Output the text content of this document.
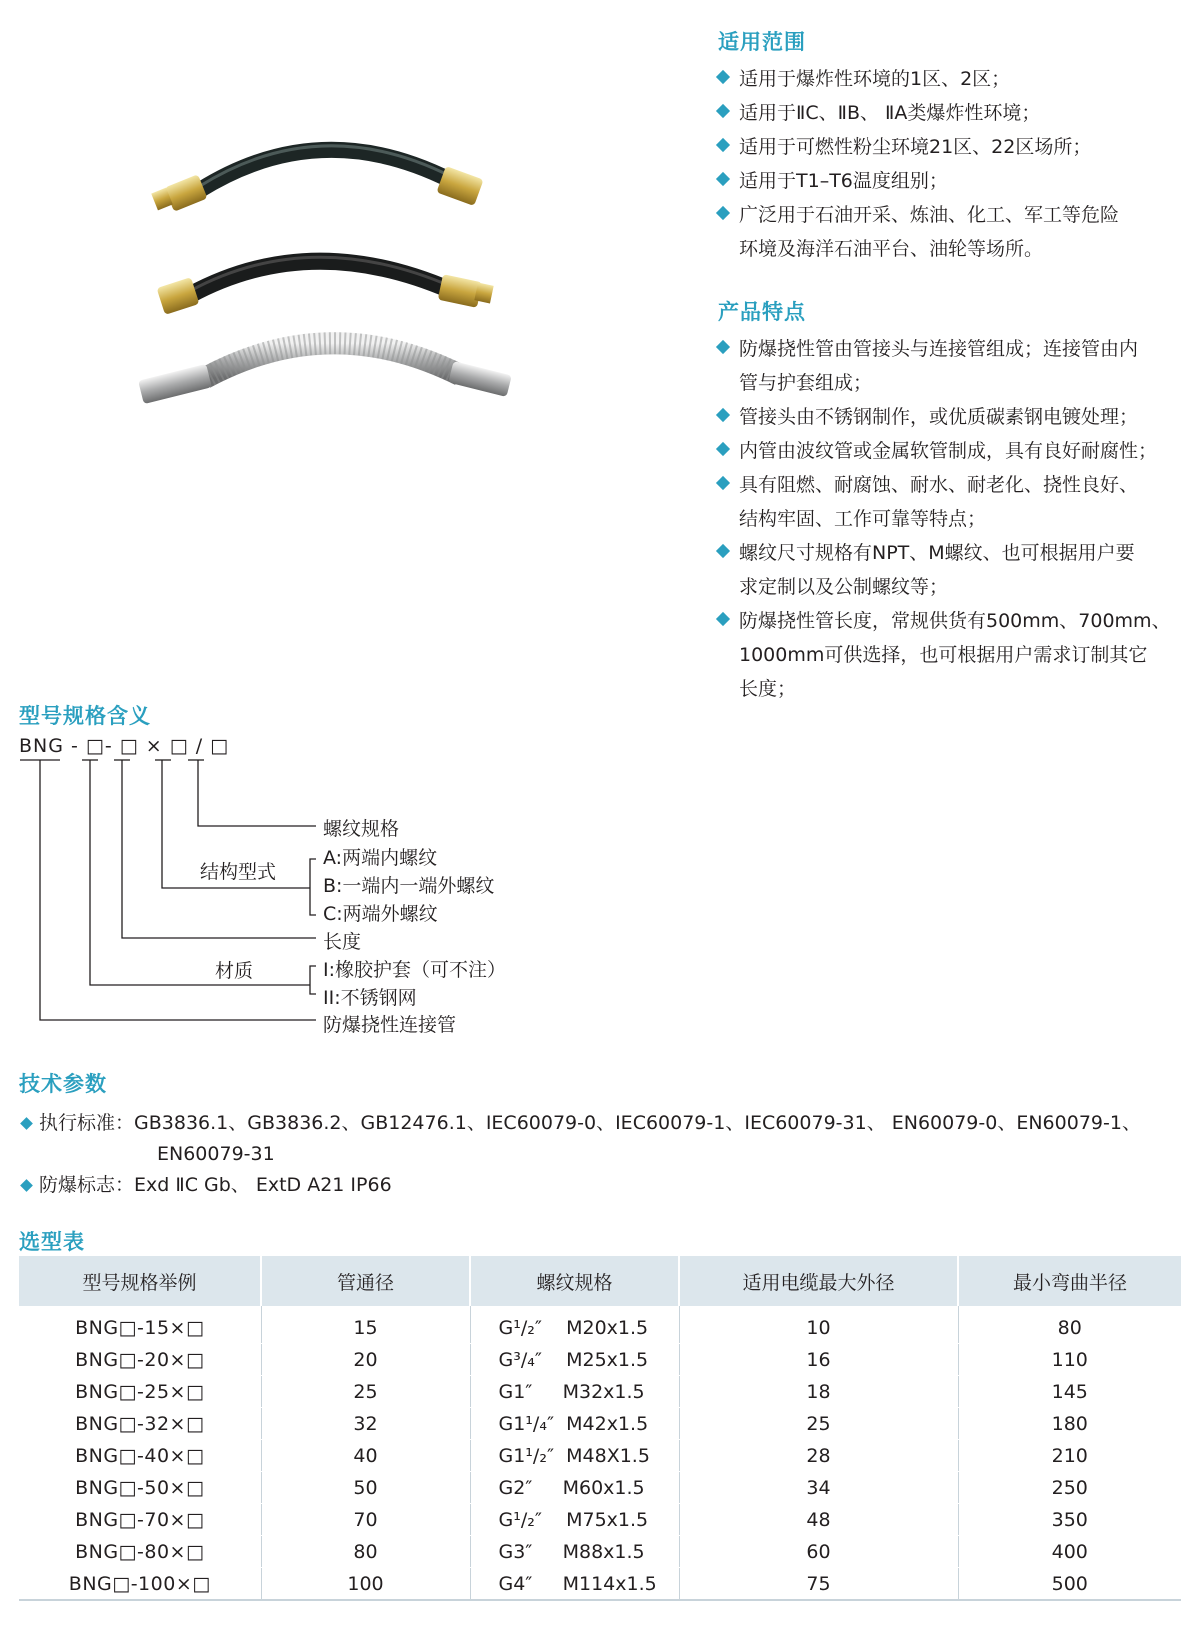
适用范围
适用于爆炸性环境的1区、2区；
适用于ⅡC、ⅡB、 ⅡA类爆炸性环境；
适用于可燃性粉尘环境21区、22区场所；
适用于T1–T6温度组别；
广泛用于石油开采、炼油、化工、军工等危险
环境及海洋石油平台、油轮等场所。
产品特点
防爆挠性管由管接头与连接管组成；连接管由内
管与护套组成；
管接头由不锈钢制作，或优质碳素钢电镀处理；
内管由波纹管或金属软管制成，具有良好耐腐性；
具有阻燃、耐腐蚀、耐水、耐老化、挠性良好、
结构牢固、工作可靠等特点；
螺纹尺寸规格有NPT、M螺纹、也可根据用户要
求定制以及公制螺纹等；
防爆挠性管长度，常规供货有500mm、700mm、
1000mm可供选择，也可根据用户需求订制其它
长度；
型号规格含义
BNG - □- □ × □ / □
螺纹规格
结构型式
A:两端内螺纹
B:一端内一端外螺纹
C:两端外螺纹
长度
材质	I:橡胶护套（可不注）
II:不锈钢网
防爆挠性连接管
技术参数
执行标准：GB3836.1、GB3836.2、GB12476.1、IEC60079-0、IEC60079-1、IEC60079-31、 EN60079-0、EN60079-1、
EN60079-31
防爆标志：Exd ⅡC Gb、 ExtD A21 IP66
选型表
型号规格举例	管通径	螺纹规格	适用电缆最大外径	最小弯曲半径
BNG□-15×□	15	G¹/₂″    M20x1.5	10	80
BNG□-20×□	20	G³/₄″    M25x1.5	16	110
BNG□-25×□	25	G1″     M32x1.5	18	145
BNG□-32×□	32	G1¹/₄″  M42x1.5	25	180
BNG□-40×□	40	G1¹/₂″  M48X1.5	28	210
BNG□-50×□	50	G2″     M60x1.5	34	250
BNG□-70×□	70	G¹/₂″    M75x1.5	48	350
BNG□-80×□	80	G3″     M88x1.5	60	400
BNG□-100×□	100	G4″     M114x1.5	75	500
